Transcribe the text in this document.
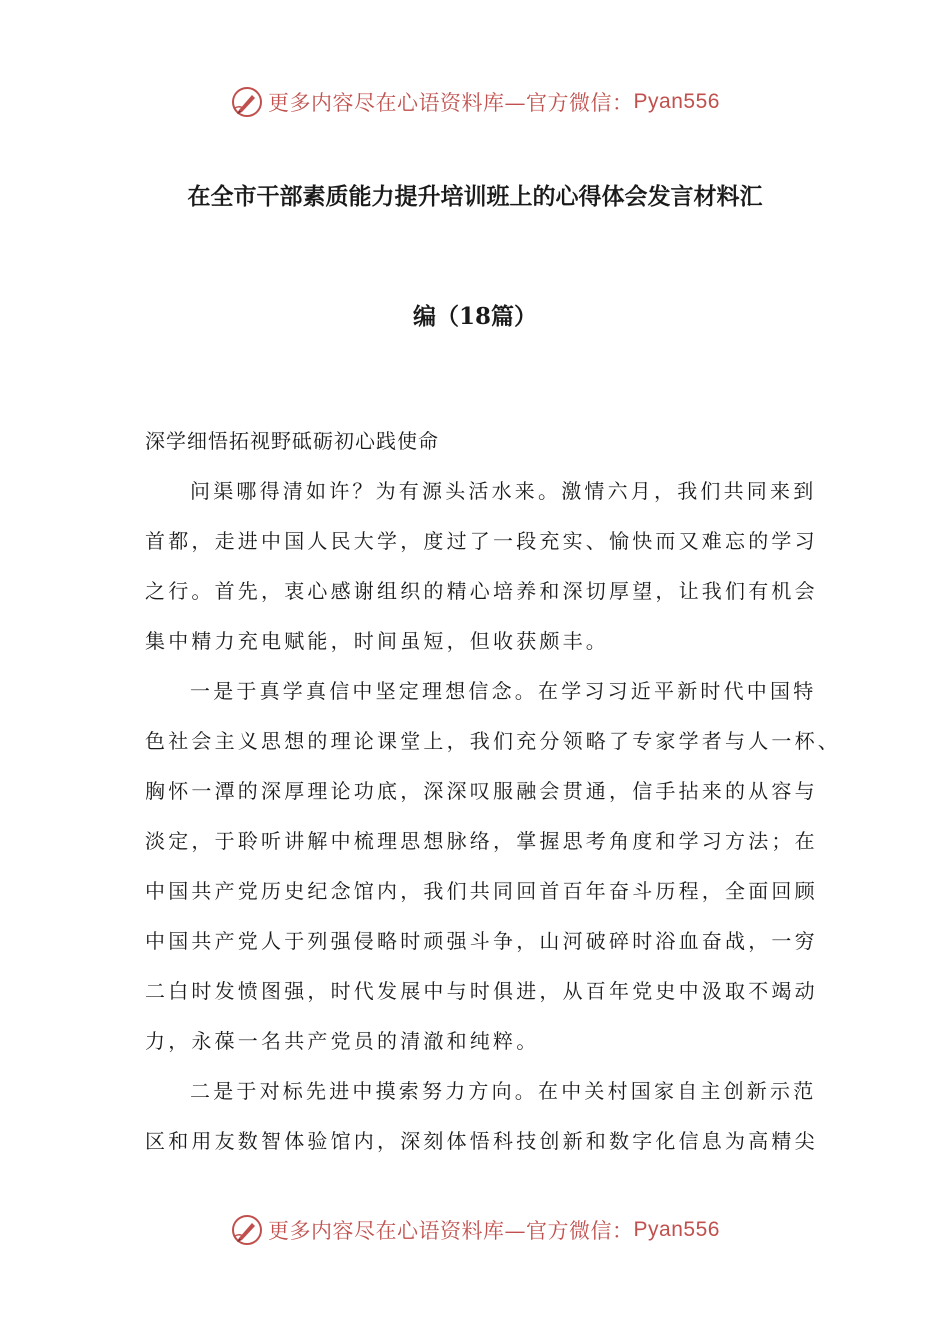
更多内容尽在心语资料库—官方微信： Pyan556
在全市干部素质能力提升培训班上的心得体会发言材料汇
编（18篇）
深学细悟拓视野砥砺初心践使命
问渠哪得清如许？为有源头活水来。激情六月，我们共同来到
首都，走进中国人民大学，度过了一段充实、愉快而又难忘的学习
之行。首先，衷心感谢组织的精心培养和深切厚望，让我们有机会
集中精力充电赋能，时间虽短，但收获颇丰。
一是于真学真信中坚定理想信念。在学习习近平新时代中国特
色社会主义思想的理论课堂上，我们充分领略了专家学者与人一杯、
胸怀一潭的深厚理论功底，深深叹服融会贯通，信手拈来的从容与
淡定，于聆听讲解中梳理思想脉络，掌握思考角度和学习方法；在
中国共产党历史纪念馆内，我们共同回首百年奋斗历程，全面回顾
中国共产党人于列强侵略时顽强斗争，山河破碎时浴血奋战，一穷
二白时发愤图强，时代发展中与时俱进，从百年党史中汲取不竭动
力，永葆一名共产党员的清澈和纯粹。
二是于对标先进中摸索努力方向。在中关村国家自主创新示范
区和用友数智体验馆内，深刻体悟科技创新和数字化信息为高精尖
更多内容尽在心语资料库—官方微信： Pyan556
